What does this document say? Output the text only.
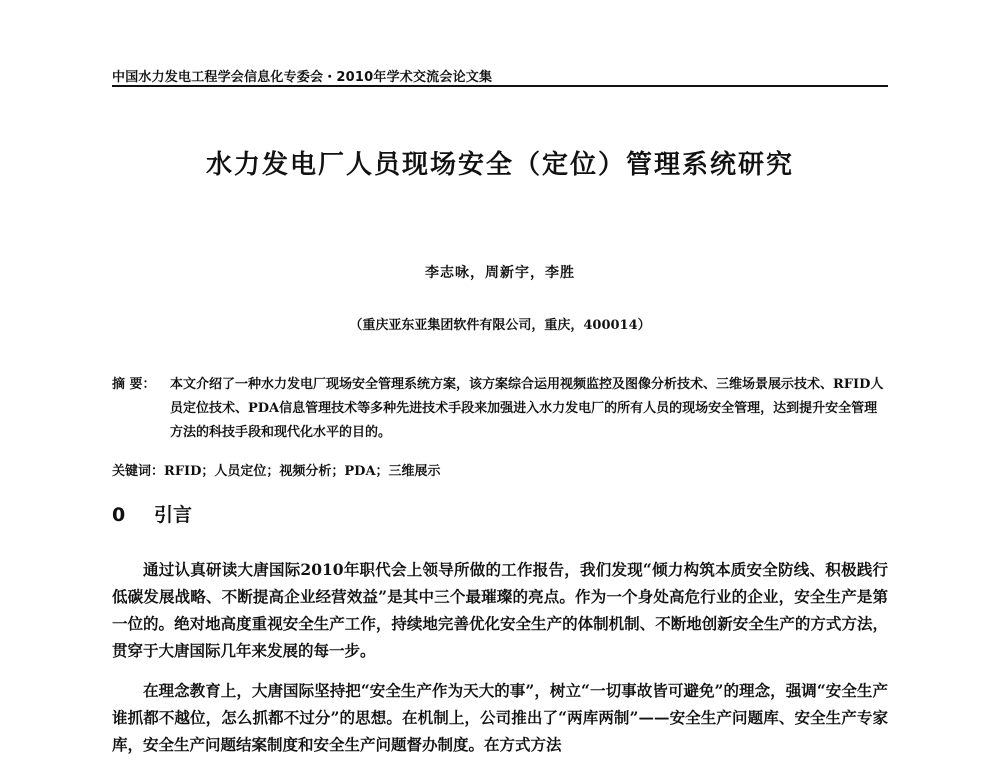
中国水力发电工程学会信息化专委会・2010年学术交流会论文集
水力发电厂人员现场安全（定位）管理系统研究
李志咏，周新宇，李胜
（重庆亚东亚集团软件有限公司，重庆，400014）
摘 要： 本文介绍了一种水力发电厂现场安全管理系统方案，该方案综合运用视频监控及图像分析技术、三维场景展示技术、RFID人员定位技术、PDA信息管理技术等多种先进技术手段来加强进入水力发电厂的所有人员的现场安全管理，达到提升安全管理方法的科技手段和现代化水平的目的。
关键词：RFID；人员定位；视频分析；PDA；三维展示
0 引言

通过认真研读大唐国际2010年职代会上领导所做的工作报告，我们发现“倾力构筑本质安全防线、积极践行低碳发展战略、不断提高企业经营效益”是其中三个最璀璨的亮点。作为一个身处高危行业的企业，安全生产是第一位的。绝对地高度重视安全生产工作，持续地完善优化安全生产的体制机制、不断地创新安全生产的方式方法，贯穿于大唐国际几年来发展的每一步。

在理念教育上，大唐国际坚持把“安全生产作为天大的事”，树立“一切事故皆可避免”的理念，强调“安全生产谁抓都不越位，怎么抓都不过分”的思想。在机制上，公司推出了“两库两制”——安全生产问题库、安全生产专家库，安全生产问题结案制度和安全生产问题督办制度。在方式方法
